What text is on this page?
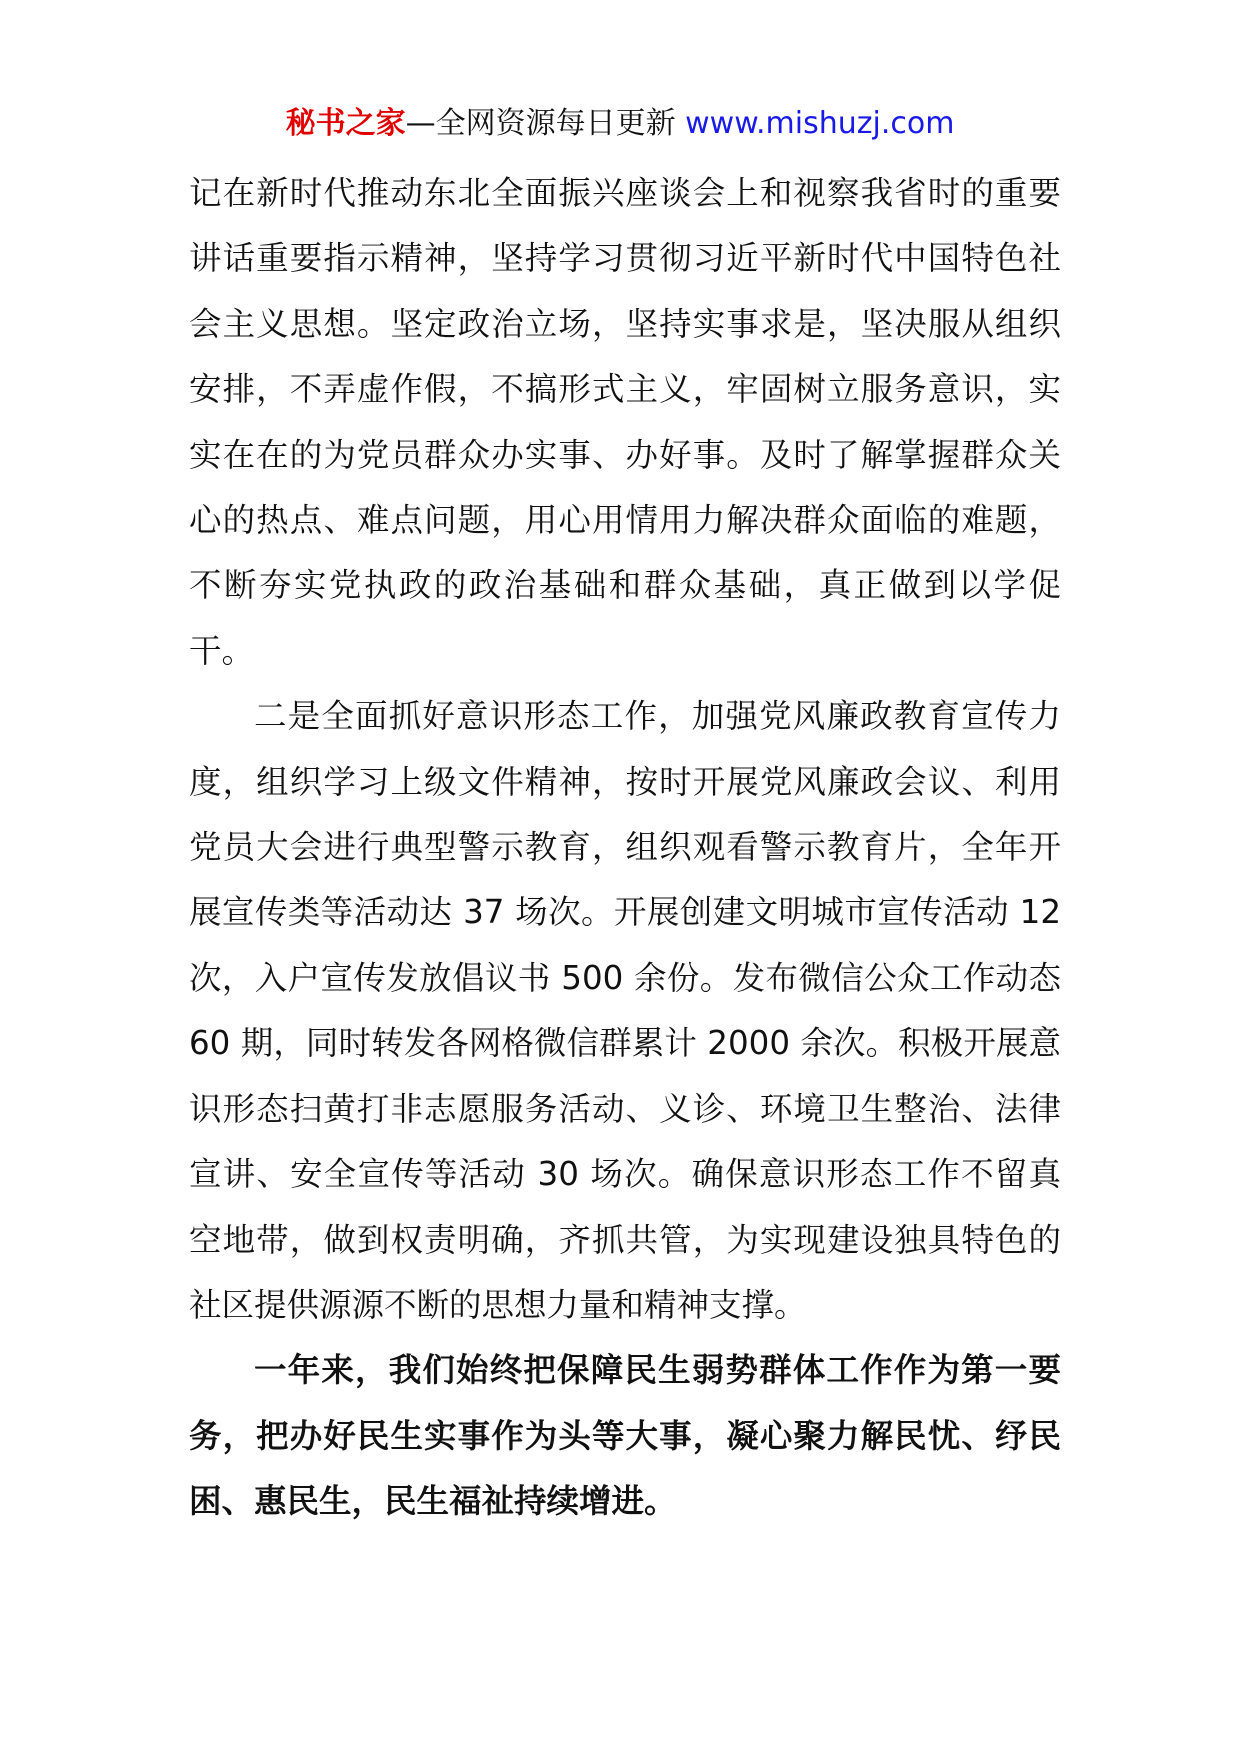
秘书之家—全网资源每日更新 www.mishuzj.com

记在新时代推动东北全面振兴座谈会上和视察我省时的重要讲话重要指示精神，坚持学习贯彻习近平新时代中国特色社会主义思想。坚定政治立场，坚持实事求是，坚决服从组织安排，不弄虚作假，不搞形式主义，牢固树立服务意识，实实在在的为党员群众办实事、办好事。及时了解掌握群众关心的热点、难点问题，用心用情用力解决群众面临的难题，不断夯实党执政的政治基础和群众基础，真正做到以学促干。

二是全面抓好意识形态工作，加强党风廉政教育宣传力度，组织学习上级文件精神，按时开展党风廉政会议、利用党员大会进行典型警示教育，组织观看警示教育片，全年开展宣传类等活动达 37 场次。开展创建文明城市宣传活动 12 次，入户宣传发放倡议书 500 余份。发布微信公众工作动态 60 期，同时转发各网格微信群累计 2000 余次。积极开展意识形态扫黄打非志愿服务活动、义诊、环境卫生整治、法律宣讲、安全宣传等活动 30 场次。确保意识形态工作不留真空地带，做到权责明确，齐抓共管，为实现建设独具特色的社区提供源源不断的思想力量和精神支撑。

一年来，我们始终把保障民生弱势群体工作作为第一要务，把办好民生实事作为头等大事，凝心聚力解民忧、纾民困、惠民生，民生福祉持续增进。
